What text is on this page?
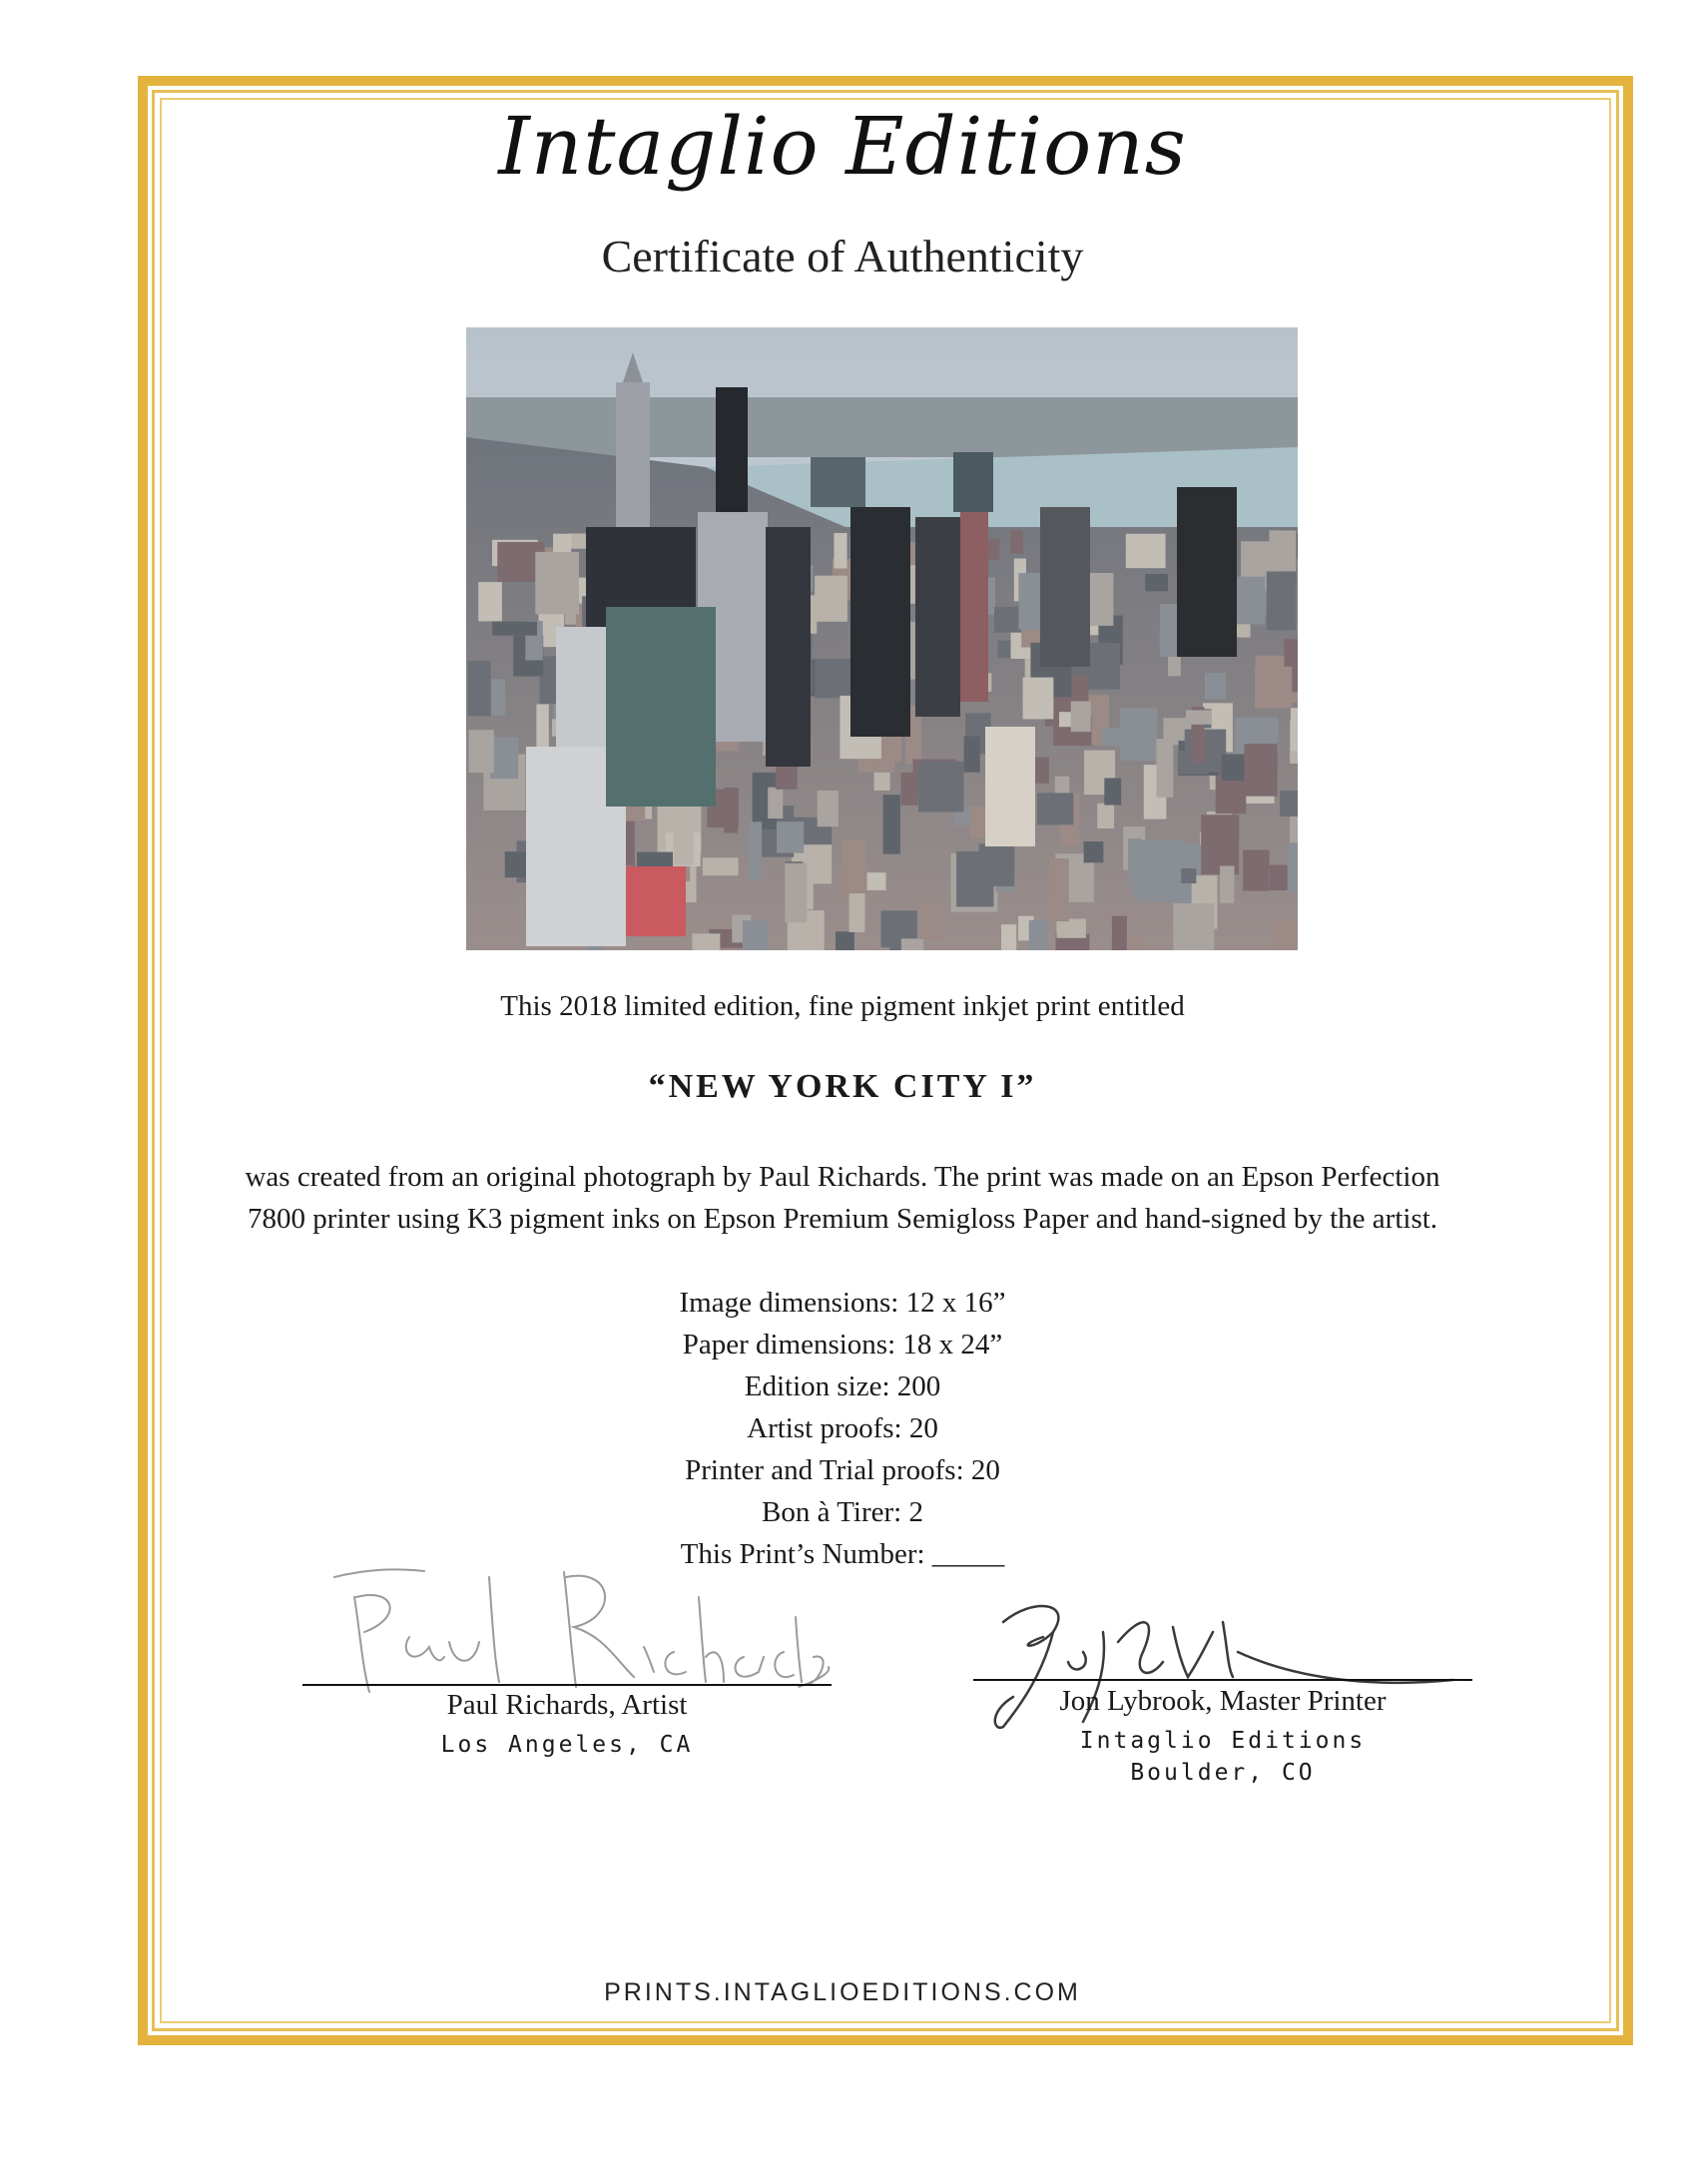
Intaglio Editions
Certificate of Authenticity
This 2018 limited edition, fine pigment inkjet print entitled
“NEW YORK CITY I”
was created from an original photograph by Paul Richards. The print was made on an Epson Perfection
7800 printer using K3 pigment inks on Epson Premium Semigloss Paper and hand-signed by the artist.
Image dimensions: 12 x 16”
Paper dimensions: 18 x 24”
Edition size: 200
Artist proofs: 20
Printer and Trial proofs: 20
Bon à Tirer: 2
This Print’s Number: _____
Paul Richards, Artist
Los Angeles, CA
Jon Lybrook, Master Printer
Intaglio Editions
Boulder, CO
PRINTS.INTAGLIOEDITIONS.COM
